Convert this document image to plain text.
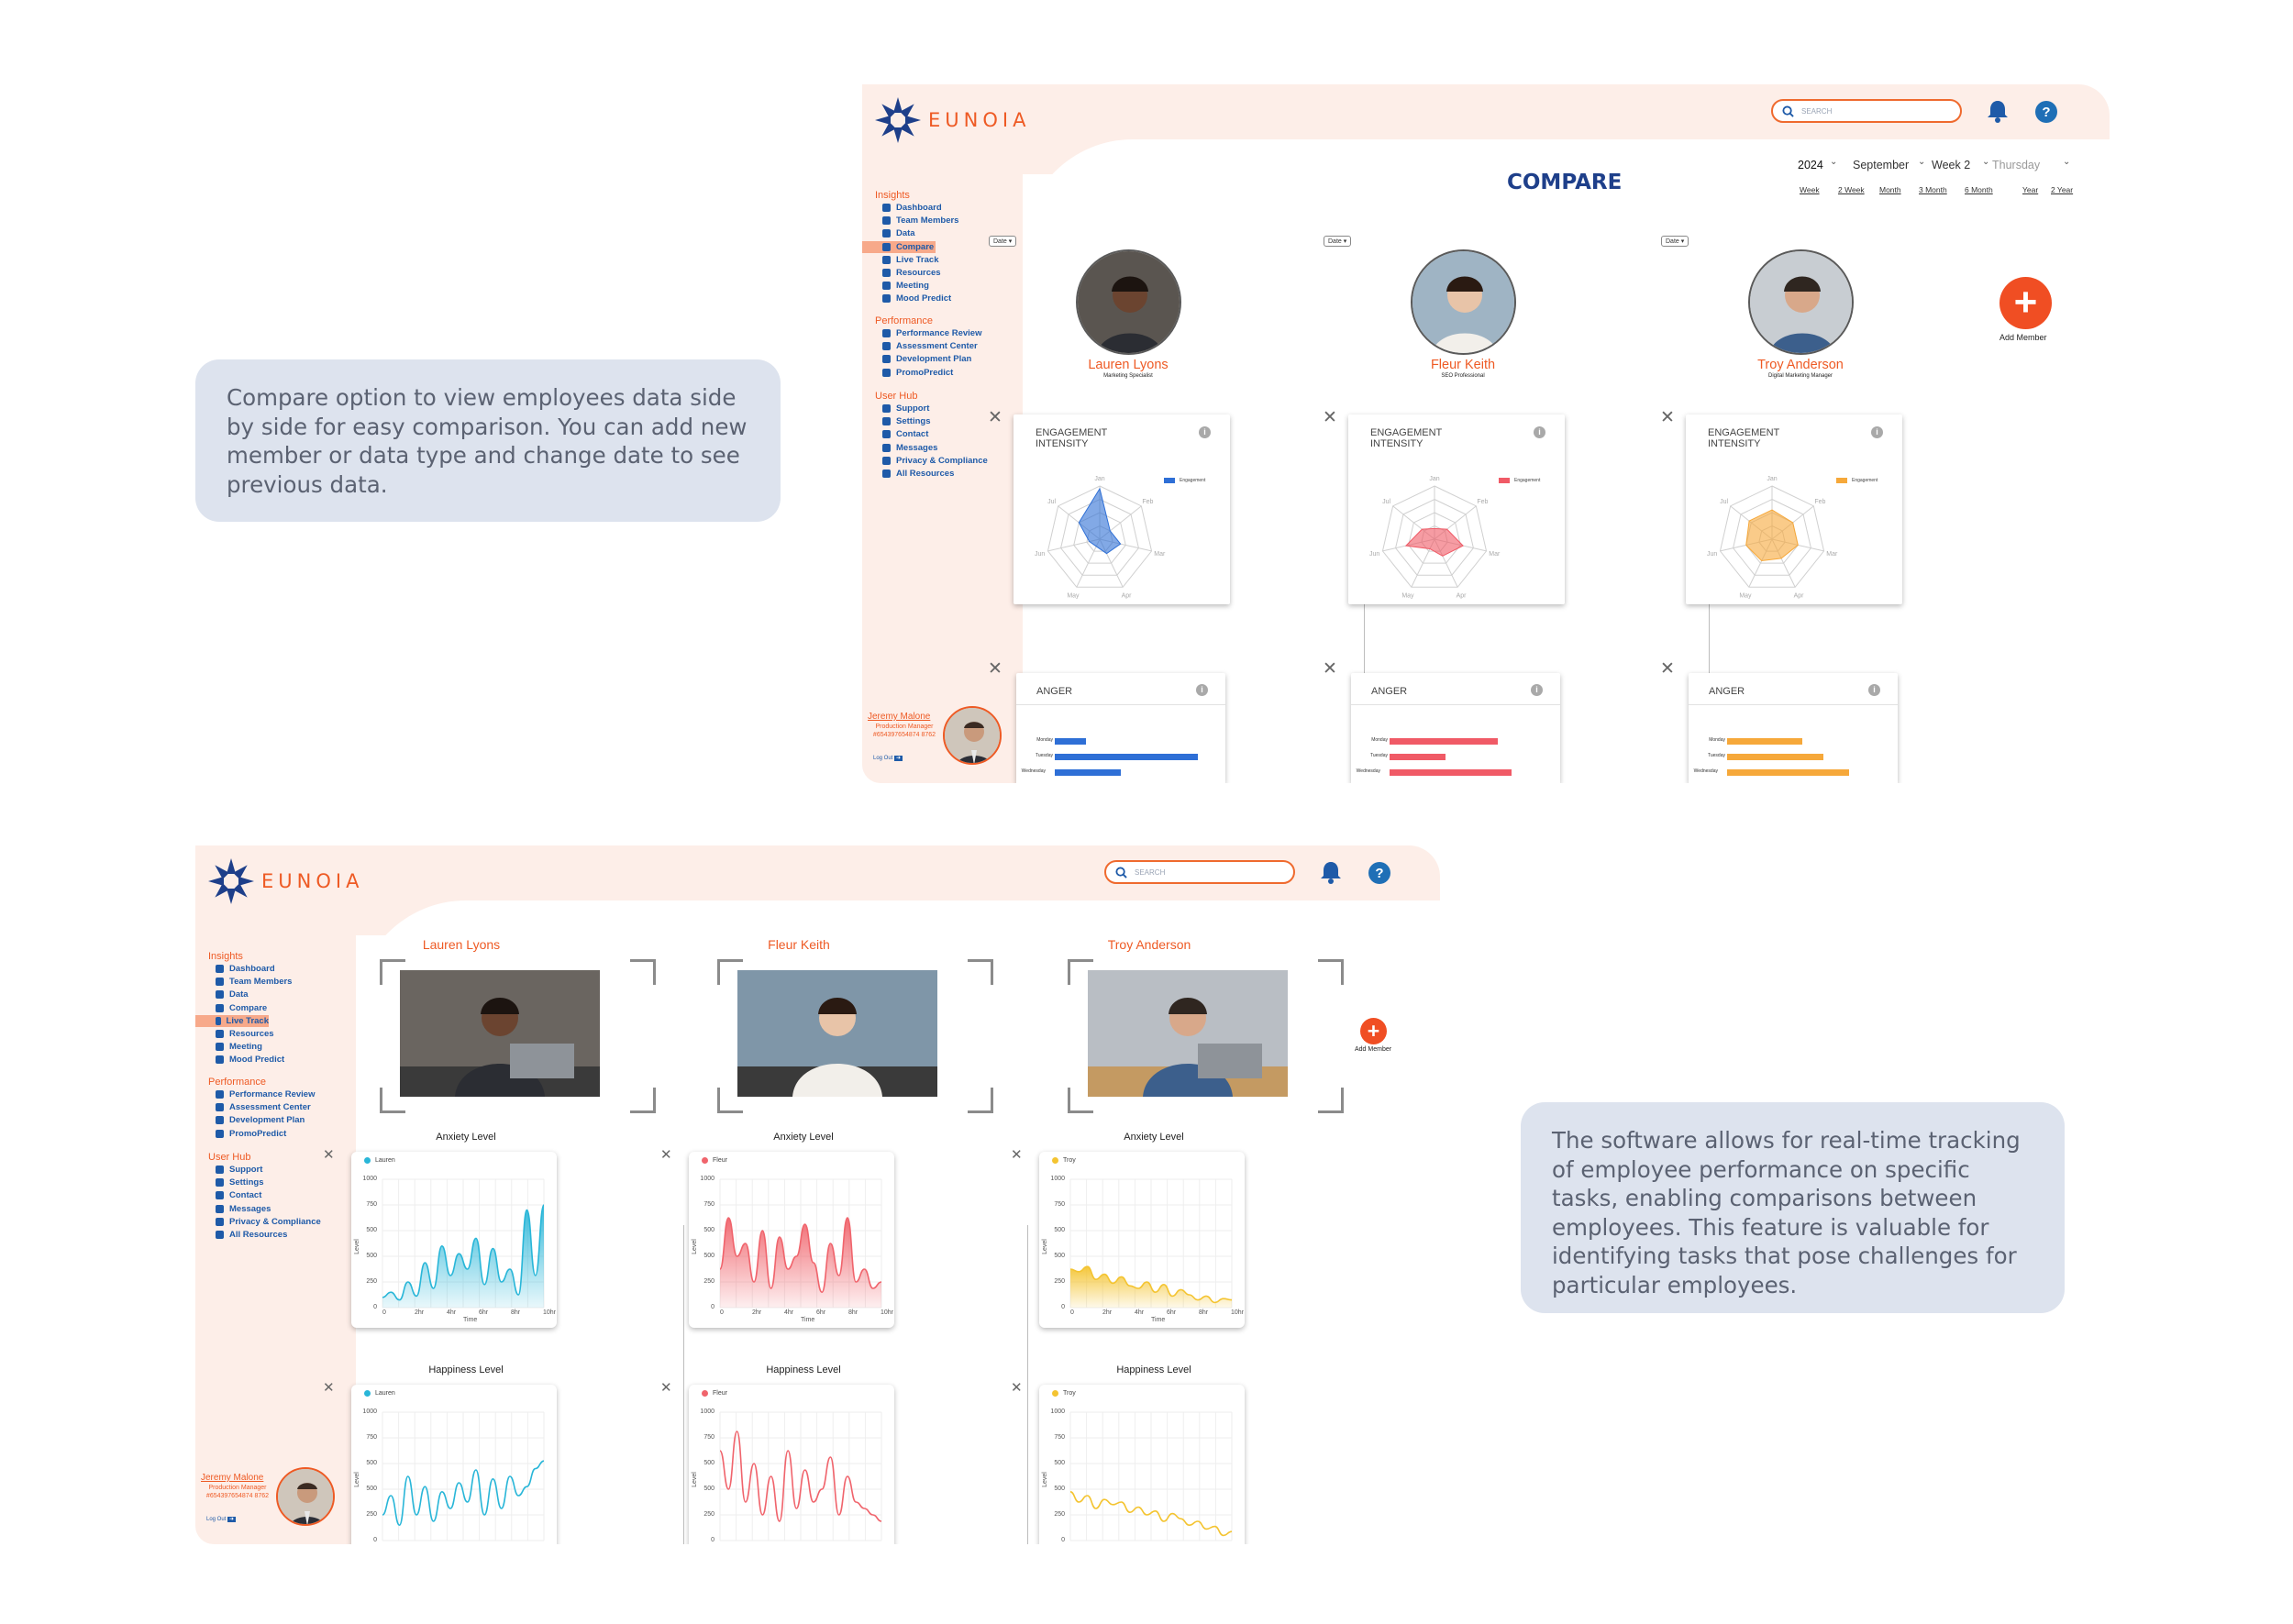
Compare option to view employees data side by side for easy comparison. You can add new member or data type and change date to see previous data.
The software allows for real-time tracking of employee performance on specific tasks, enabling comparisons between employees. This feature is valuable for identifying tasks that pose challenges for particular employees.
EUNOIA	SEARCH	?
Insights
Dashboard
Team Members
Data
Compare
Live Track
Resources
Meeting
Mood Predict
Performance
Performance Review
Assessment Center
Development Plan
PromoPredict
User Hub
Support
Settings
Contact
Messages
Privacy & Compliance
All Resources
Jeremy Malone
Production Manager
#654397654874 8762
Log Out ➜
COMPARE
2024 ⌄ September ⌄ Week 2 ⌄ Thursday ⌄
Week 2 Week Month 3 Month 6 Month	Year 2 Year
+
Add Member
Date ▾
Lauren Lyons
Marketing Specialist
✕
ENGAGEMENT INTENSITY
i
Engagement
Jan
Feb
Mar
Apr
May
Jun
Jul
✕
ANGER	i
Monday
Tuesday
Wednesday
Date ▾
Fleur Keith
SEO Professional
✕
ENGAGEMENT INTENSITY
i
Engagement
Jan
Feb
Mar
Apr
May
Jun
Jul
✕
ANGER	i
Monday
Tuesday
Wednesday
Date ▾
Troy Anderson
Digital Marketing Manager
✕
ENGAGEMENT INTENSITY
i
Engagement
Jan
Feb
Mar
Apr
May
Jun
Jul
✕
ANGER	i
Monday
Tuesday
Wednesday
EUNOIA	SEARCH	?
Insights
Dashboard
Team Members
Data
Compare
Live Track
Resources
Meeting
Mood Predict
Performance
Performance Review
Assessment Center
Development Plan
PromoPredict
User Hub
Support
Settings
Contact
Messages
Privacy & Compliance
All Resources
Jeremy Malone
Production Manager
#654397654874 8762
Log Out ➜
+
Add Member
Lauren Lyons
Anxiety Level
✕	Lauren
1000
750
500
500
250
0
Level
0	2hr	4hr	6hr	8hr	10hr
Time
Happiness Level
✕	Lauren
1000
750
500
500
250
0
Level
Fleur Keith
Anxiety Level
✕	Fleur
1000
750
500
500
250
0
Level
0	2hr	4hr	6hr	8hr	10hr
Time
Happiness Level
✕	Fleur
1000
750
500
500
250
0
Level
Troy Anderson
Anxiety Level
✕	Troy
1000
750
500
500
250
0
Level
0	2hr	4hr	6hr	8hr	10hr
Time
Happiness Level
✕	Troy
1000
750
500
500
250
0
Level
